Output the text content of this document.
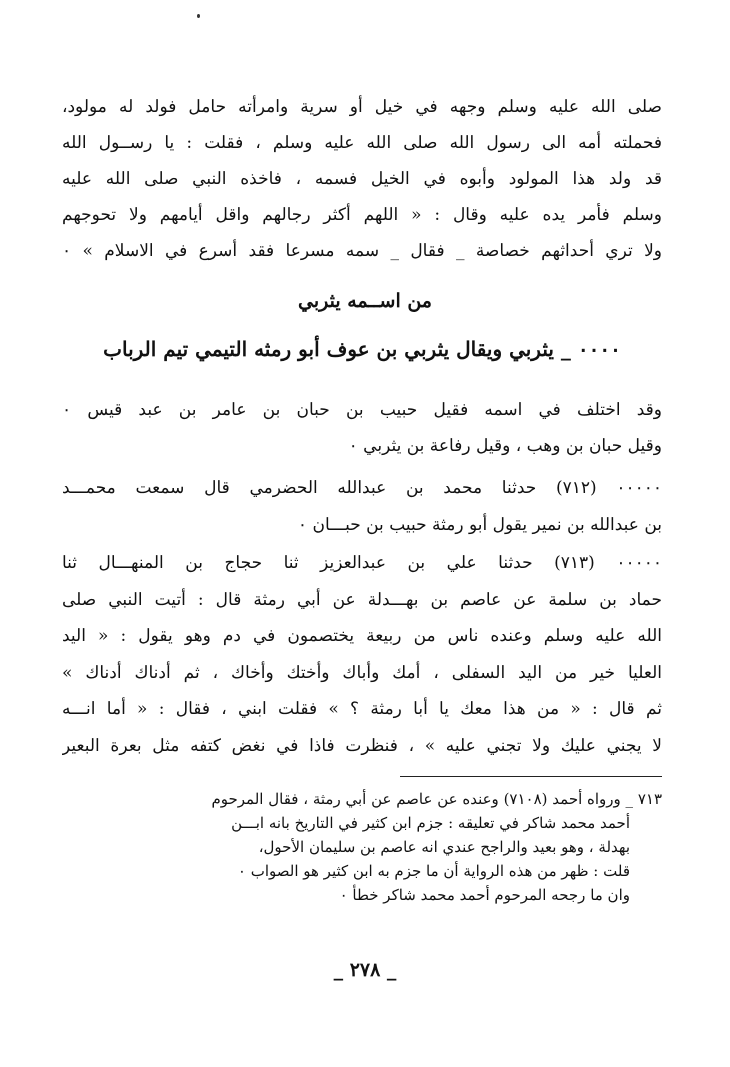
صلى الله عليه وسلم وجهه في خيل أو سرية وامرأته حامل فولد له مولود،
فحملته أمه الى رسول الله صلى الله عليه وسلم ، فقلت : يا رســول الله
قد ولد هذا المولود وأبوه في الخيل فسمه ، فاخذه النبي صلى الله عليه
وسلم فأمر يده عليه وقال : « اللهم أكثر رجالهم واقل أيامهم ولا تحوجهم
ولا تري أحداثهم خصاصة _ فقال _ سمه مسرعا فقد أسرع في الاسلام » ٠
من اســمه يثربي
٠٠٠٠ _ يثربي ويقال يثربي بن عوف أبو رمثه التيمي تيم الرباب
وقد اختلف في اسمه فقيل حبيب بن حبان بن عامر بن عبد قيس ٠
وقيل حبان بن وهب ، وقيل رفاعة بن يثربي ٠
٠٠٠٠٠ (٧١٢) حدثنا محمد بن عبدالله الحضرمي قال سمعت محمـــد
بن عبدالله بن نمير يقول أبو رمثة حبيب بن حبـــان ٠
٠٠٠٠٠ (٧١٣) حدثنا علي بن عبدالعزيز ثنا حجاج بن المنهـــال ثنا
حماد بن سلمة عن عاصم بن بهـــدلة عن أبي رمثة قال : أتيت النبي صلى
الله عليه وسلم وعنده ناس من ربيعة يختصمون في دم وهو يقول : « اليد
العليا خير من اليد السفلى ، أمك وأباك وأختك وأخاك ، ثم أدناك أدناك »
ثم قال : « من هذا معك يا أبا رمثة ؟ » فقلت ابني ، فقال : « أما انـــه
لا يجني عليك ولا تجني عليه » ، فنظرت فاذا في نغض كتفه مثل بعرة البعير
٧١٣ _ ورواه أحمد (٧١٠٨) وعنده عن عاصم عن أبي رمثة ، فقال المرحوم
أحمد محمد شاكر في تعليقه : جزم ابن كثير في التاريخ بانه ابـــن
بهدلة ، وهو بعيد والراجح عندي انه عاصم بن سليمان الأحول،
قلت : ظهر من هذه الرواية أن ما جزم به ابن كثير هو الصواب ٠
وان ما رجحه المرحوم أحمد محمد شاكر خطأ ٠
_ ٢٧٨ _
